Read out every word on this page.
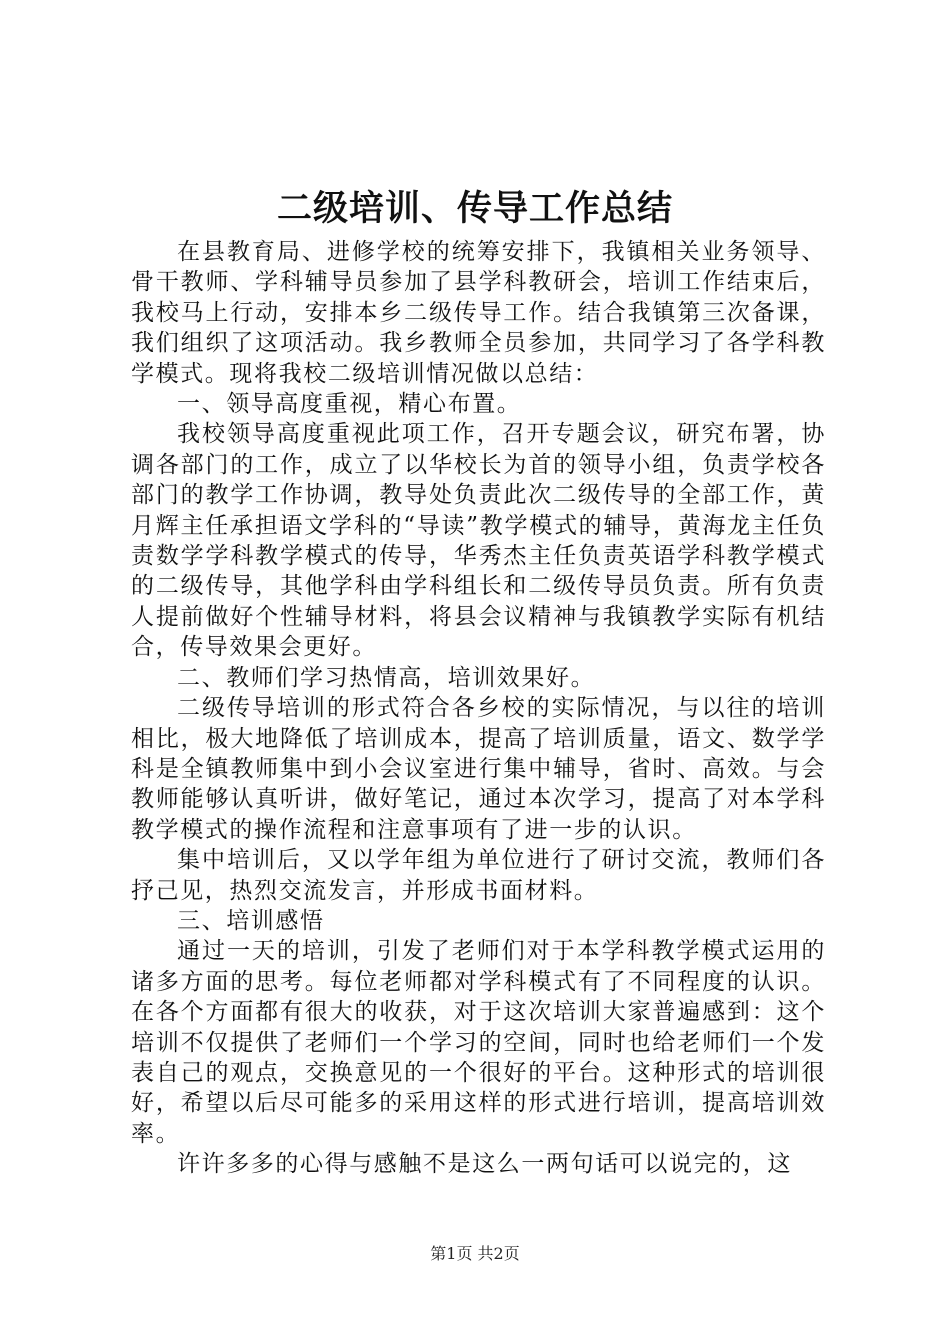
二级培训、传导工作总结

在县教育局、进修学校的统筹安排下，我镇相关业务领导、骨干教师、学科辅导员参加了县学科教研会，培训工作结束后，我校马上行动，安排本乡二级传导工作。结合我镇第三次备课，我们组织了这项活动。我乡教师全员参加，共同学习了各学科教学模式。现将我校二级培训情况做以总结：

一、领导高度重视，精心布置。

我校领导高度重视此项工作，召开专题会议，研究布署，协调各部门的工作，成立了以华校长为首的领导小组，负责学校各部门的教学工作协调，教导处负责此次二级传导的全部工作，黄月辉主任承担语文学科的“导读”教学模式的辅导，黄海龙主任负责数学学科教学模式的传导，华秀杰主任负责英语学科教学模式的二级传导，其他学科由学科组长和二级传导员负责。所有负责人提前做好个性辅导材料，将县会议精神与我镇教学实际有机结合，传导效果会更好。

二、教师们学习热情高，培训效果好。

二级传导培训的形式符合各乡校的实际情况，与以往的培训相比，极大地降低了培训成本，提高了培训质量，语文、数学学科是全镇教师集中到小会议室进行集中辅导，省时、高效。与会教师能够认真听讲，做好笔记，通过本次学习，提高了对本学科教学模式的操作流程和注意事项有了进一步的认识。

集中培训后，又以学年组为单位进行了研讨交流，教师们各抒己见，热烈交流发言，并形成书面材料。

三、培训感悟

通过一天的培训，引发了老师们对于本学科教学模式运用的诸多方面的思考。每位老师都对学科模式有了不同程度的认识。在各个方面都有很大的收获，对于这次培训大家普遍感到：这个培训不仅提供了老师们一个学习的空间，同时也给老师们一个发表自己的观点，交换意见的一个很好的平台。这种形式的培训很好，希望以后尽可能多的采用这样的形式进行培训，提高培训效率。

许许多多的心得与感触不是这么一两句话可以说完的，这

第1页 共2页
